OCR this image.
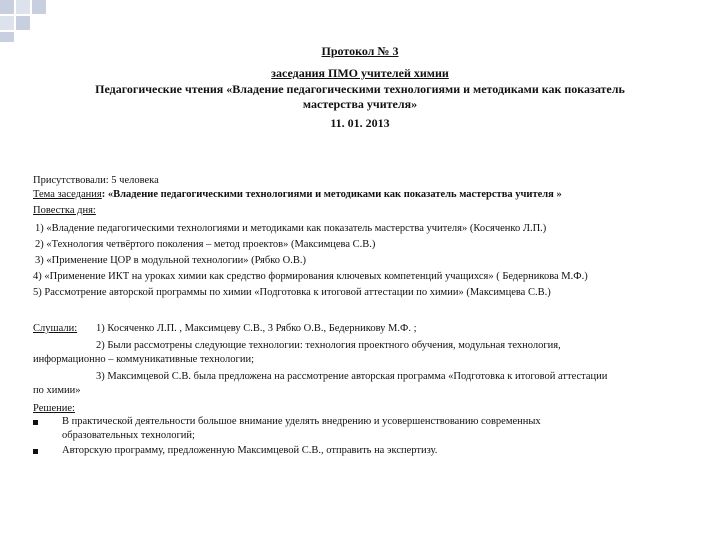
Протокол № 3
заседания ПМО учителей химии
Педагогические чтения «Владение педагогическими технологиями и методиками как показатель
мастерства учителя»
11. 01. 2013
Присутствовали: 5 человека
Тема заседания: «Владение педагогическими технологиями и методиками как показатель мастерства учителя »
Повестка дня:
1) «Владение педагогическими технологиями и методиками как показатель мастерства учителя» (Косяченко Л.П.)
2) «Технология четвёртого поколения – метод проектов» (Максимцева С.В.)
3) «Применение ЦОР в модульной технологии» (Рябко О.В.)
4) «Применение ИКТ на уроках химии как средство формирования ключевых компетенций учащихся» ( Бедерникова М.Ф.)
5) Рассмотрение авторской программы по химии «Подготовка к итоговой аттестации по химии» (Максимцева С.В.)
Слушали: 1) Косяченко Л.П. , Максимцеву С.В., 3 Рябко О.В., Бедерникову М.Ф. ;
2) Были рассмотрены следующие технологии: технология проектного обучения, модульная технология,
информационно – коммуникативные технологии;
3) Максимцевой С.В. была предложена на рассмотрение авторская программа «Подготовка к итоговой аттестации
по химии»
Решение:
В практической деятельности большое внимание уделять внедрению и усовершенствованию современных
образовательных технологий;
Авторскую программу, предложенную Максимцевой С.В., отправить на экспертизу.
